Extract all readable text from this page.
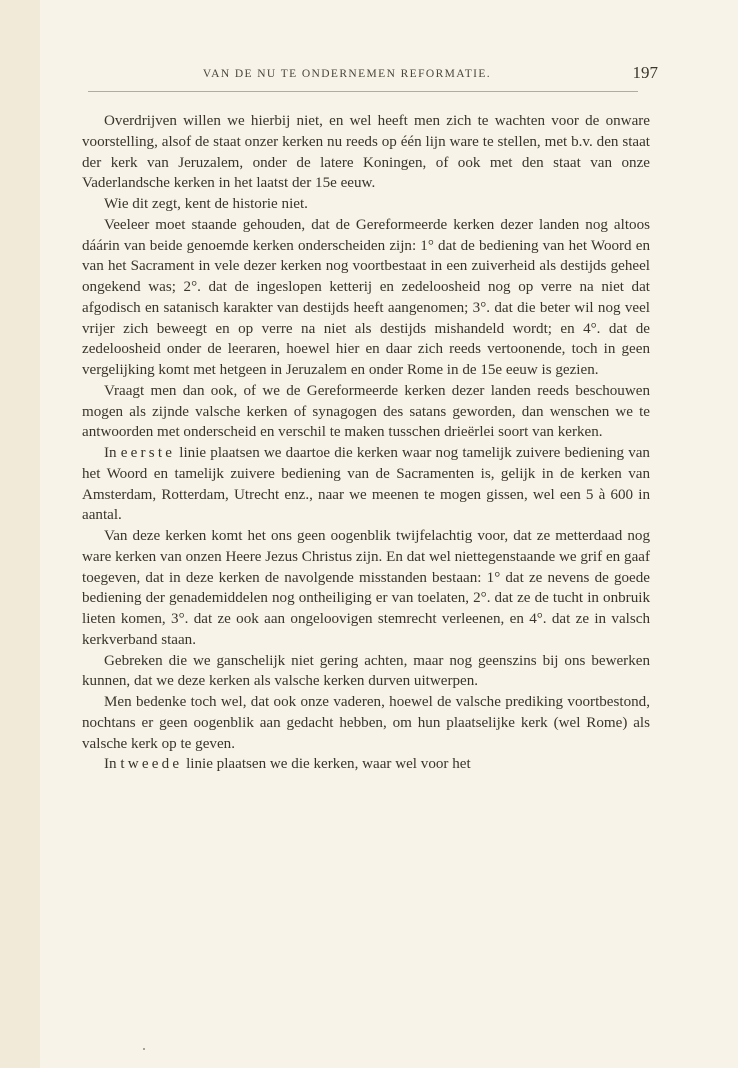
VAN DE NU TE ONDERNEMEN REFORMATIE.	197

Overdrijven willen we hierbij niet, en wel heeft men zich te wachten voor de onware voorstelling, alsof de staat onzer kerken nu reeds op één lijn ware te stellen, met b.v. den staat der kerk van Jeruzalem, onder de latere Koningen, of ook met den staat van onze Vaderlandsche kerken in het laatst der 15e eeuw.

Wie dit zegt, kent de historie niet.

Veeleer moet staande gehouden, dat de Gereformeerde kerken dezer landen nog altoos dáárin van beide genoemde kerken onderscheiden zijn: 1° dat de bediening van het Woord en van het Sacrament in vele dezer kerken nog voortbestaat in een zuiverheid als destijds geheel ongekend was; 2°. dat de ingeslopen ketterij en zedeloosheid nog op verre na niet dat afgodisch en satanisch karakter van destijds heeft aangenomen; 3°. dat die beter wil nog veel vrijer zich beweegt en op verre na niet als destijds mishandeld wordt; en 4°. dat de zedeloosheid onder de leeraren, hoewel hier en daar zich reeds vertoonende, toch in geen vergelijking komt met hetgeen in Jeruzalem en onder Rome in de 15e eeuw is gezien.

Vraagt men dan ook, of we de Gereformeerde kerken dezer landen reeds beschouwen mogen als zijnde valsche kerken of synagogen des satans geworden, dan wenschen we te antwoorden met onderscheid en verschil te maken tusschen drieërlei soort van kerken.

In eerste linie plaatsen we daartoe die kerken waar nog tamelijk zuivere bediening van het Woord en tamelijk zuivere bediening van de Sacramenten is, gelijk in de kerken van Amsterdam, Rotterdam, Utrecht enz., naar we meenen te mogen gissen, wel een 5 à 600 in aantal.

Van deze kerken komt het ons geen oogenblik twijfelachtig voor, dat ze metterdaad nog ware kerken van onzen Heere Jezus Christus zijn. En dat wel niettegenstaande we grif en gaaf toegeven, dat in deze kerken de navolgende misstanden bestaan: 1° dat ze nevens de goede bediening der genademiddelen nog ontheiliging er van toelaten, 2°. dat ze de tucht in onbruik lieten komen, 3°. dat ze ook aan ongeloovigen stemrecht verleenen, en 4°. dat ze in valsch kerkverband staan.

Gebreken die we ganschelijk niet gering achten, maar nog geenszins bij ons bewerken kunnen, dat we deze kerken als valsche kerken durven uitwerpen.

Men bedenke toch wel, dat ook onze vaderen, hoewel de valsche prediking voortbestond, nochtans er geen oogenblik aan gedacht hebben, om hun plaatselijke kerk (wel Rome) als valsche kerk op te geven.

In tweede linie plaatsen we die kerken, waar wel voor het
